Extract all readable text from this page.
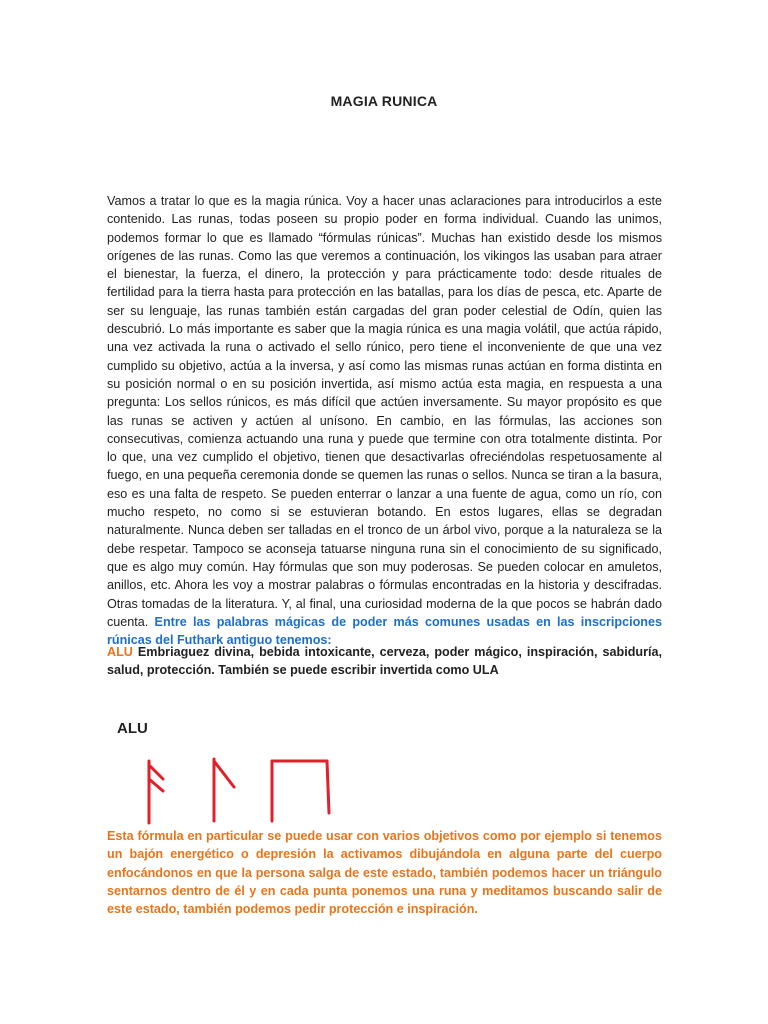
MAGIA RUNICA
Vamos a tratar lo que es la magia rúnica. Voy a hacer unas aclaraciones para introducirlos a este contenido. Las runas, todas poseen su propio poder en forma individual. Cuando las unimos, podemos formar lo que es llamado “fórmulas rúnicas”. Muchas han existido desde los mismos orígenes de las runas. Como las que veremos a continuación, los vikingos las usaban para atraer el bienestar, la fuerza, el dinero, la protección y para prácticamente todo: desde rituales de fertilidad para la tierra hasta para protección en las batallas, para los días de pesca, etc. Aparte de ser su lenguaje, las runas también están cargadas del gran poder celestial de Odín, quien las descubrió. Lo más importante es saber que la magia rúnica es una magia volátil, que actúa rápido, una vez activada la runa o activado el sello rúnico, pero tiene el inconveniente de que una vez cumplido su objetivo, actúa a la inversa, y así como las mismas runas actúan en forma distinta en su posición normal o en su posición invertida, así mismo actúa esta magia, en respuesta a una pregunta: Los sellos rúnicos, es más difícil que actúen inversamente. Su mayor propósito es que las runas se activen y actúen al unísono. En cambio, en las fórmulas, las acciones son consecutivas, comienza actuando una runa y puede que termine con otra totalmente distinta. Por lo que, una vez cumplido el objetivo, tienen que desactivarlas ofreciéndolas respetuosamente al fuego, en una pequeña ceremonia donde se quemen las runas o sellos. Nunca se tiran a la basura, eso es una falta de respeto. Se pueden enterrar o lanzar a una fuente de agua, como un río, con mucho respeto, no como si se estuvieran botando. En estos lugares, ellas se degradan naturalmente. Nunca deben ser talladas en el tronco de un árbol vivo, porque a la naturaleza se la debe respetar. Tampoco se aconseja tatuarse ninguna runa sin el conocimiento de su significado, que es algo muy común. Hay fórmulas que son muy poderosas. Se pueden colocar en amuletos, anillos, etc. Ahora les voy a mostrar palabras o fórmulas encontradas en la historia y descifradas. Otras tomadas de la literatura. Y, al final, una curiosidad moderna de la que pocos se habrán dado cuenta. Entre las palabras mágicas de poder más comunes usadas en las inscripciones rúnicas del Futhark antiguo tenemos:
ALU Embriaguez divina, bebida intoxicante, cerveza, poder mágico, inspiración, sabiduría, salud, protección. También se puede escribir invertida como ULA
ALU
Esta fórmula en particular se puede usar con varios objetivos como por ejemplo si tenemos un bajón energético o depresión la activamos dibujándola en alguna parte del cuerpo enfocándonos en que la persona salga de este estado, también podemos hacer un triángulo sentarnos dentro de él y en cada punta ponemos una runa y meditamos buscando salir de este estado, también podemos pedir protección e inspiración.
